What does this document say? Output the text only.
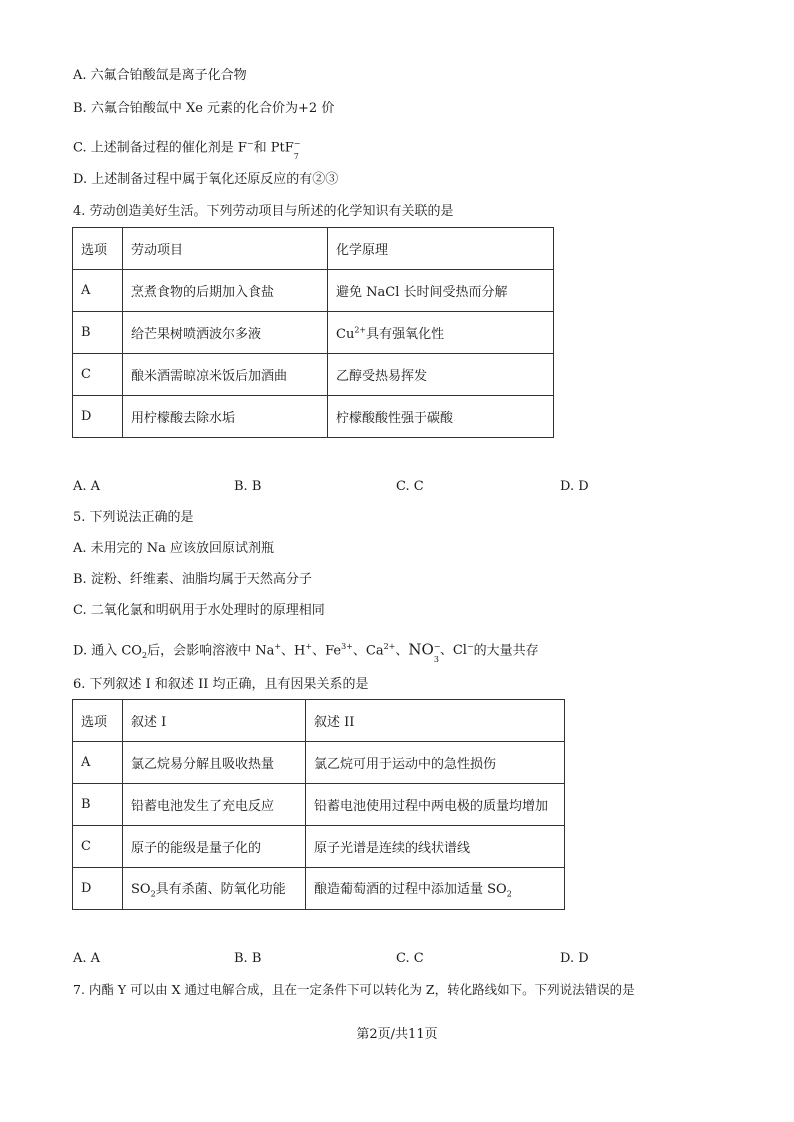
A. 六氟合铂酸氙是离子化合物
B. 六氟合铂酸氙中 Xe 元素的化合价为+2 价
C. 上述制备过程的催化剂是 F−和 PtF −
7
D. 上述制备过程中属于氧化还原反应的有②③
4. 劳动创造美好生活。下列劳动项目与所述的化学知识有关联的是
选项	劳动项目	化学原理
A	烹煮食物的后期加入食盐	避免 NaCl 长时间受热而分解
B	给芒果树喷洒波尔多液	$Cu^{2+}$具有强氧化性
C	酿米酒需晾凉米饭后加酒曲	乙醇受热易挥发
D	用柠檬酸去除水垢	柠檬酸酸性强于碳酸
A. A	B. B	C. C	D. D
5. 下列说法正确的是
A. 未用完的 Na 应该放回原试剂瓶
B. 淀粉、纤维素、油脂均属于天然高分子
C. 二氧化氯和明矾用于水处理时的原理相同
D. 通入 $CO_2$后，会影响溶液中 Na+、H+、$Fe^{3+}$、$Ca^{2+}$、NO −
3
、Cl−的大量共存
6. 下列叙述 I 和叙述 II 均正确，且有因果关系的是
选项	叙述 I	叙述 II
A	氯乙烷易分解且吸收热量	氯乙烷可用于运动中的急性损伤
B	铅蓄电池发生了充电反应	铅蓄电池使用过程中两电极的质量均增加
C	原子的能级是量子化的	原子光谱是连续的线状谱线
D	$SO_2$具有杀菌、防氧化功能	酿造葡萄酒的过程中添加适量 $SO_2$
A. A	B. B	C. C	D. D
7. 内酯 Y 可以由 X 通过电解合成，且在一定条件下可以转化为 Z，转化路线如下。下列说法错误的是
第2页/共11页
